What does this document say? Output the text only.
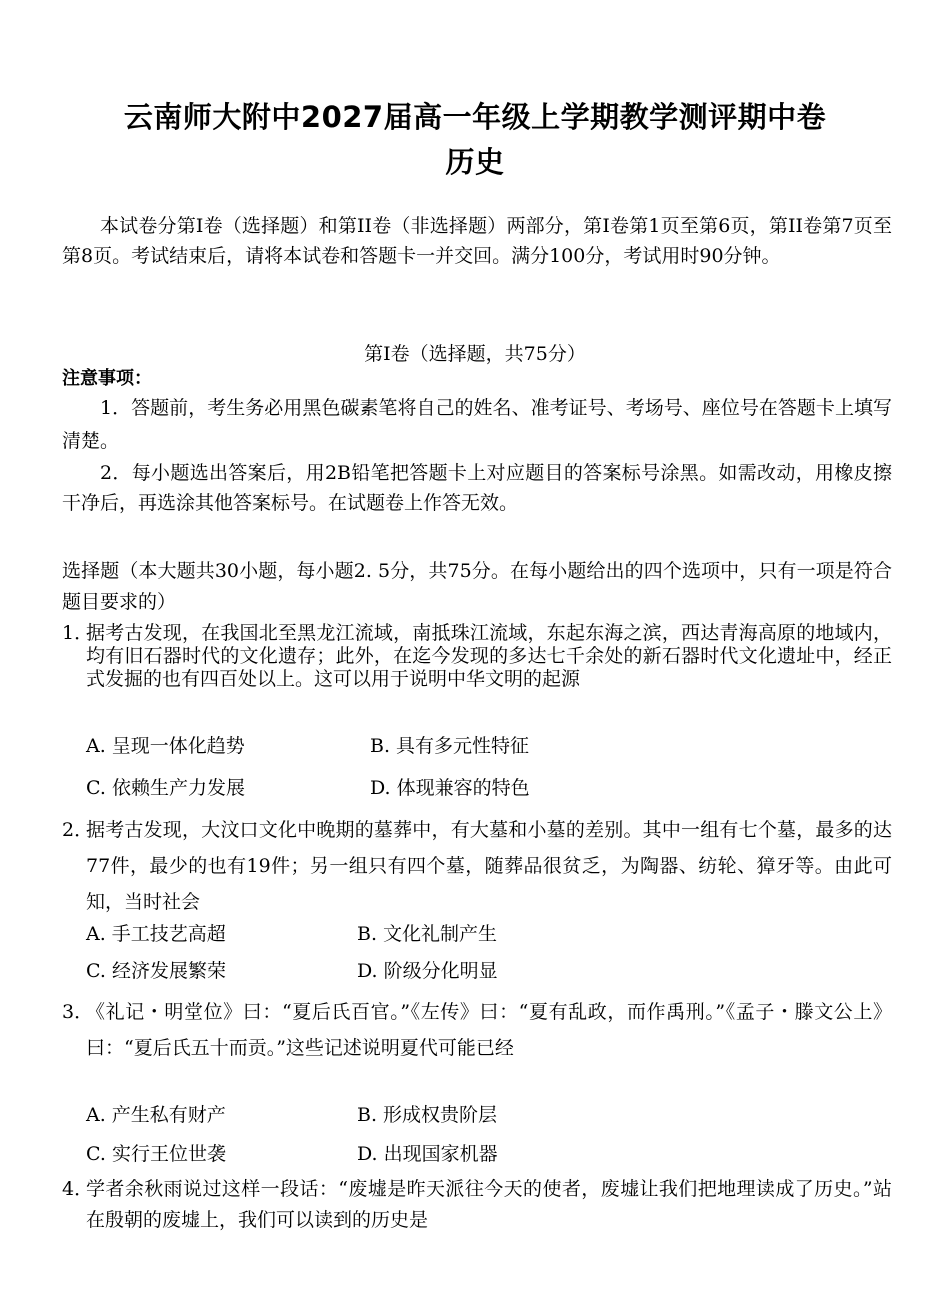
云南师大附中2027届高一年级上学期教学测评期中卷
历史
本试卷分第I卷（选择题）和第II卷（非选择题）两部分，第I卷第1页至第6页，第II卷第7页至第8页。考试结束后，请将本试卷和答题卡一并交回。满分100分，考试用时90分钟。
第I卷（选择题，共75分）
注意事项：
1．答题前，考生务必用黑色碳素笔将自己的姓名、准考证号、考场号、座位号在答题卡上填写清楚。
2．每小题选出答案后，用2B铅笔把答题卡上对应题目的答案标号涂黑。如需改动，用橡皮擦干净后，再选涂其他答案标号。在试题卷上作答无效。
选择题（本大题共30小题，每小题2. 5分，共75分。在每小题给出的四个选项中，只有一项是符合题目要求的）
1．
据考古发现，在我国北至黑龙江流域，南抵珠江流域，东起东海之滨，西达青海高原的地域内，均有旧石器时代的文化遗存；此外，在迄今发现的多达七千余处的新石器时代文化遗址中，经正式发掘的也有四百处以上。这可以用于说明中华文明的起源
A. 呈现一体化趋势	B. 具有多元性特征
C. 依赖生产力发展	D. 体现兼容的特色
2．
据考古发现，大汶口文化中晚期的墓葬中，有大墓和小墓的差别。其中一组有七个墓，最多的达77件，最少的也有19件；另一组只有四个墓，随葬品很贫乏，为陶器、纺轮、獐牙等。由此可知，当时社会
A. 手工技艺高超	B. 文化礼制产生
C. 经济发展繁荣	D. 阶级分化明显
3．
《礼记・明堂位》曰：“夏后氏百官。”《左传》曰：“夏有乱政，而作禹刑。”《孟子・滕文公上》曰：“夏后氏五十而贡。”这些记述说明夏代可能已经
A. 产生私有财产	B. 形成权贵阶层
C. 实行王位世袭	D. 出现国家机器
4．
学者余秋雨说过这样一段话：“废墟是昨天派往今天的使者，废墟让我们把地理读成了历史。”站在殷朝的废墟上，我们可以读到的历史是
